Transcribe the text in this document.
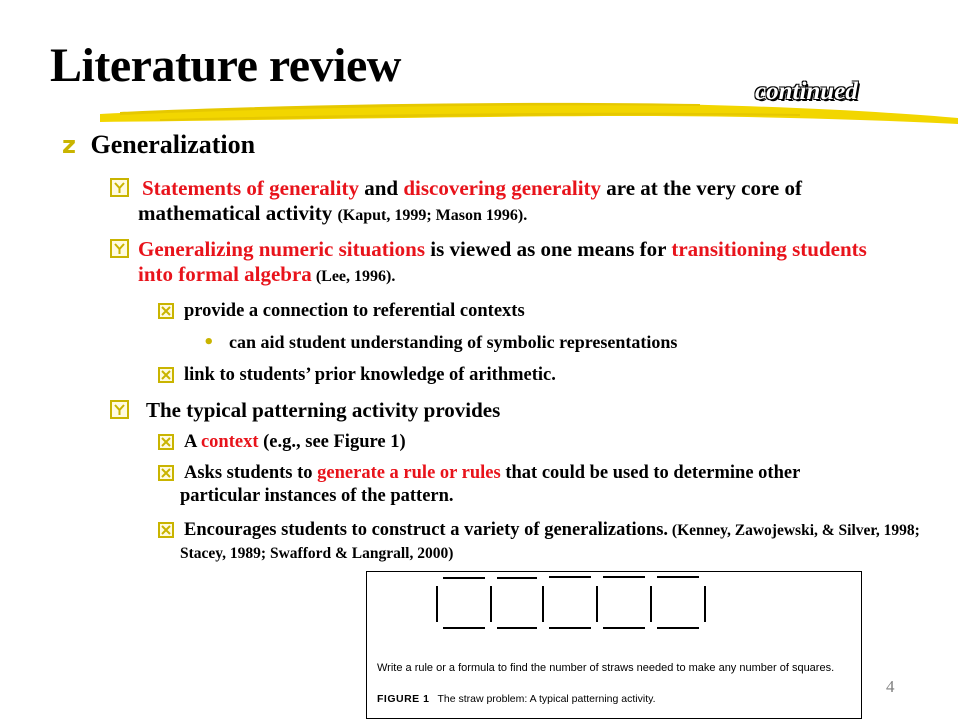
Literature review	continued
z Generalization
Statements of generality and discovering generality are at the very core of mathematical activity (Kaput, 1999; Mason 1996).
Generalizing numeric situations is viewed as one means for transitioning students into formal algebra (Lee, 1996).
provide a connection to referential contexts
• can aid student understanding of symbolic representations
link to students’ prior knowledge of arithmetic.
The typical patterning activity provides
A context (e.g., see Figure 1)
Asks students to generate a rule or rules that could be used to determine other particular instances of the pattern.
Encourages students to construct a variety of generalizations. (Kenney, Zawojewski, & Silver, 1998; Stacey, 1989; Swafford & Langrall, 2000)
Write a rule or a formula to find the number of straws needed to make any number of squares.
FIGURE 1 The straw problem: A typical patterning activity.
4
